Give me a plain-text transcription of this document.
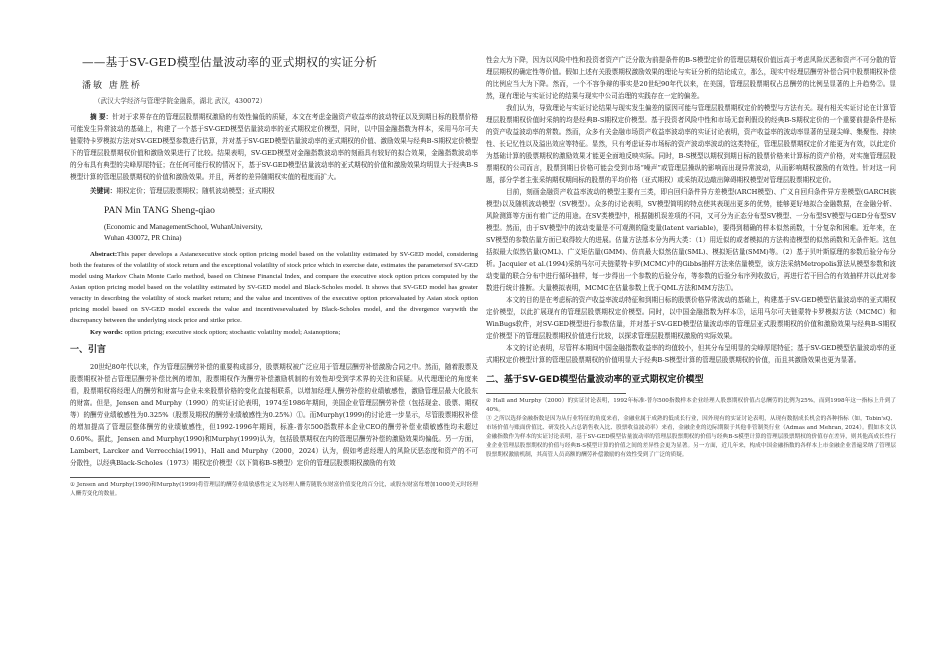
——基于SV-GED模型估量波动率的亚式期权的实证分析

潘敏 唐胜桥

（武汉大学经济与管理学院金融系，湖北 武汉，430072）

摘 要：针对于求界存在的管理层股票期权激励的有效性偏低的质疑，本文在考虑金融资产收益率的波动特征以及到期日标的股票价格可能发生异常波动的基础上，构建了一个基于SV-GED模型估量波动率的亚式期权定价模型，同时，以中国金融指数为样本，采用马尔可夫链蒙特卡罗模拟方法对SV-GED模型参数进行估算，并对基于SV-GED模型估量波动率的亚式期权的价值、激励效果与经典B-S期权定价模型下的管理层股票期权价值和激励效果进行了比较。结果表明，SV-GED模型对金融指数波动率的刻画具有较好的拟合效果，金融指数波动率的分布具有典型的尖峰厚尾特征；在任何可能行权的情况下，基于SV-GED模型估量波动率的亚式期权的价值和激励效果均明显大于经典B-S模型计算的管理层股票期权的价值和激励效果。并且，两者的差异随期权实值的程度而扩大。

关键词：期权定价；管理层股票期权；随机波动模型；亚式期权

PAN Min TANG Sheng-qiao

(Economic and ManagementSchool, WuhanUniversity,
Wuhan 430072, PR China)

Abstract:This paper develops a Asianexecutive stock option pricing model based on the volatility estimated by SV-GED model, considering both the features of the volatility of stock return and the exceptional volatility of stock price which in exercise date, estimates the parametersof SV-GED model using Markov Chain Monte Carlo method, based on Chinese Financial Index, and compare the executive stock option prices computed by the Asian option pricing model based on the volatility estimated by SV-GED model and Black-Scholes model. It shows that SV-GED model has greater veracity in describing the volatility of stock market return; and the value and incentives of the executive option pricevaluated by Asian stock option pricing model based on SV-GED model exceeds the value and incentivesevaluated by Black-Scholes model, and the divergence varywith the discrepancy between the underlying stock price and strike price.

Key words: option pricing; executive stock option; stochastic volatility model; Asianoptions;

一、引言

20世纪80年代以来，作为管理层酬劳补偿的重要构成部分，股票期权被广泛应用于管理层酬劳补偿激励合同之中。然而，随着股票及股票期权补偿占管理层酬劳补偿比例的增加，股票期权作为酬劳补偿激励机制的有效性却受到学术界的关注和质疑。从代理理论的角度来看，股票期权将经理人的酬劳和财富与企业未来股票价格的变化直接相联系，以增加经理人酬劳补偿的业绩敏感性，激励管理层最大化股东的财富。但是，Jensen and Murphy（1990）的实证讨论表明，1974至1986年期间，美国企业管理层酬劳补偿（包括现金、股票、期权等）的酬劳业绩敏感性为0.325%（股票及期权的酬劳业绩敏感性为0.25%）①。而Murphy(1999)的讨论进一步显示，尽管股票期权补偿的增加提高了管理层整体酬劳的业绩敏感性，但1992-1996年期间，标准-普尔500指数样本企业CEO的酬劳补偿业绩敏感性均未超过0.60%。据此，Jensen and Murphy(1990)和Murphy(1999)认为，包括股票期权在内的管理层酬劳补偿的激励效果均偏低。另一方面，Lambert, Larcker and Verrecchia(1991)、Hall and Murphy（2000，2024）认为，假如考虑经理人的风险厌恶态度和资产的不可分散性，以经典Black-Scholes（1973）期权定价模型（以下简称B-S模型）定价的管理层股票期权激励的有效

① Jensen and Murphy(1990)和Murphy(1999)将管理层的酬劳业绩敏感性定义为经理人酬劳随股东财富价值变化的百分比，或股东财富每增加1000美元时经理人酬劳变化的数量。

性会大为下降，因为以风险中性和投资者资产广泛分散为前提条件的B-S模型定价的管理层期权价值远高于考虑风险厌恶和资产不可分散的管理层期权的确定性等价值。假如上述有关股票期权激励效果的理论与实证分析的结论成立，那么，现实中经理层酬劳补偿合同中股票期权补偿的比例应当大为下降。然而，一个不容争辩的事实是20世纪90年代以来，在美国，管理层股票期权占总酬劳的比例呈显著的上升趋势②。显然，现有理论与实证讨论的结果与现实中公司治理的实践存在一定的偏差。

我们认为，导致理论与实证讨论结果与现实发生偏差的原因可能与管理层股票期权定价的模型与方法有关。现有相关实证讨论在计算管理层股票期权价值时采纳的均是经典B-S期权定价模型。基于投资者风险中性和市场无套利假设的经典B-S期权定价的一个重要前提条件是标的资产收益波动率的常数。然而，众多有关金融市场资产收益率波动率的实证讨论表明，资产收益率的波动率显著的呈现尖峰、集聚性、持续性、长记忆性以及溢出效应等特征。显然，只有考虑证券市场标的资产波动率波动的这类特征，管理层股票期权定价才能更为有效，以此定价为基础计算的股票期权的激励效果才能更全面地反映实际。同时，B-S模型以期权到期日标的股票价格来计算标的资产价格，对实施管理层股票期权的公司而言，股票到期日价格可能会受到市场“噪声”或管理层操纵的影响而出现异常波动，从而影响期权激励的有效性。针对这一问题，部分学者主张采纳期权期间标的股票的平均价格（亚式期权）或采纳双边敲出障碍期权模型对管理层股票期权定价。

目前，刻画金融资产收益率波动的模型主要有三类，即自回归条件异方差模型(ARCH模型)、广义自回归条件异方差模型(GARCH族模型)以及随机波动模型（SV模型）。众多的讨论表明，SV模型简明的特点使其表现出更多的优势，能够更好地拟合金融数据，在金融分析、风险测算等方面有着广泛的用途。在SV类模型中，根据随机误差项的不同，又可分为正态分布型SV模型、一分布型SV模型与GED分布型SV模型。然而，由于SV模型中的波动变量是不可观测的隐变量(latent variable)，要得到精确的样本似然函数，十分复杂和困难。近年来，在SV模型的参数估量方面已取得较大的进展。估量方法基本分为两大类：（1）用近似的或者模拟的方法构造模型的似然函数和无条件矩。这包括拟最大似然估量(QML)、广义矩估量(GMM)、仿真最大似然估量(SML)、模拟矩估量(SMM)等。（2）基于贝叶斯原理的参数后验分布分析。Jacquier et al.(1994)采纳马尔可夫链蒙特卡罗(MCMC)中的Gibbs抽样方法来估量模型，该方法采纳Metropolis算法从模型参数和波动变量的联合分布中进行循环抽样，每一步得出一个参数的后验分布，等参数的后验分布序列收敛后，再进行若干回合的有效抽样并以此对参数进行统计推断。大量模拟表明，MCMC在估量参数上优于QML方法和MM方法①。

本文的目的是在考虑标的资产收益率波动特征和到期日标的股票价格异常波动的基础上，构建基于SV-GED模型估量波动率的亚式期权定价模型，以此扩展现有的管理层股票期权定价模型。同时，以中国金融指数为样本③，运用马尔可夫链蒙特卡罗模拟方法（MCMC）和WinBugs软件，对SV-GED模型进行参数估量，并对基于SV-GED模型估量波动率的管理层亚式股票期权的价值和激励效果与经典B-S期权定价模型下的管理层股票期权价值进行比较，以探求管理层股票期权激励的实际效果。

本文的讨论表明，尽管样本期间中国金融指数收益率的均值较小，但其分布呈明显的尖峰厚尾特征；基于SV-GED模型估量波动率的亚式期权定价模型计算的管理层股票期权的价值明显大于经典B-S模型计算的管理层股票期权的价值，而且其激励效果也更为显著。

二、基于SV-GED模型估量波动率的亚式期权定价模型

② Hall and Murphy（2000）的实证讨论表明，1992年标准-普尔500指数样本企业经理人股票期权价值占总酬劳的比例为25%，而到1998年这一指标上升到了40%。

③ 之所以选择金融指数是因为从行业特征的角度来看，金融业属于成熟的低成长行业，因外现有的实证讨论表明，从现有数据成长机会的各种指标（如，Tobin'sQ、市场价值与账面价值比、研发投入占总销售收入比、股票收益波动率）来看，金融企业的边际期限于其他非管制类行业（Admas and Mehran, 2024）。假如本文以金融指数作为样本的实证讨论表明，基于SV-GED模型估量波动率的管理层股票期权的价值与经典B-S模型计算的管理层股票期权的价值存在差异，则其他高成长性行业企业管理层股票期权的价值与经典B-S模型计算的价值之间的差异性会更为显著。另一方面，近几年来，构成中国金融指数的各样本上市金融企业普遍采纳了管理层股票期权激励机制，其高管人员高额的酬劳补偿激励的有效性受到了广泛的质疑。
